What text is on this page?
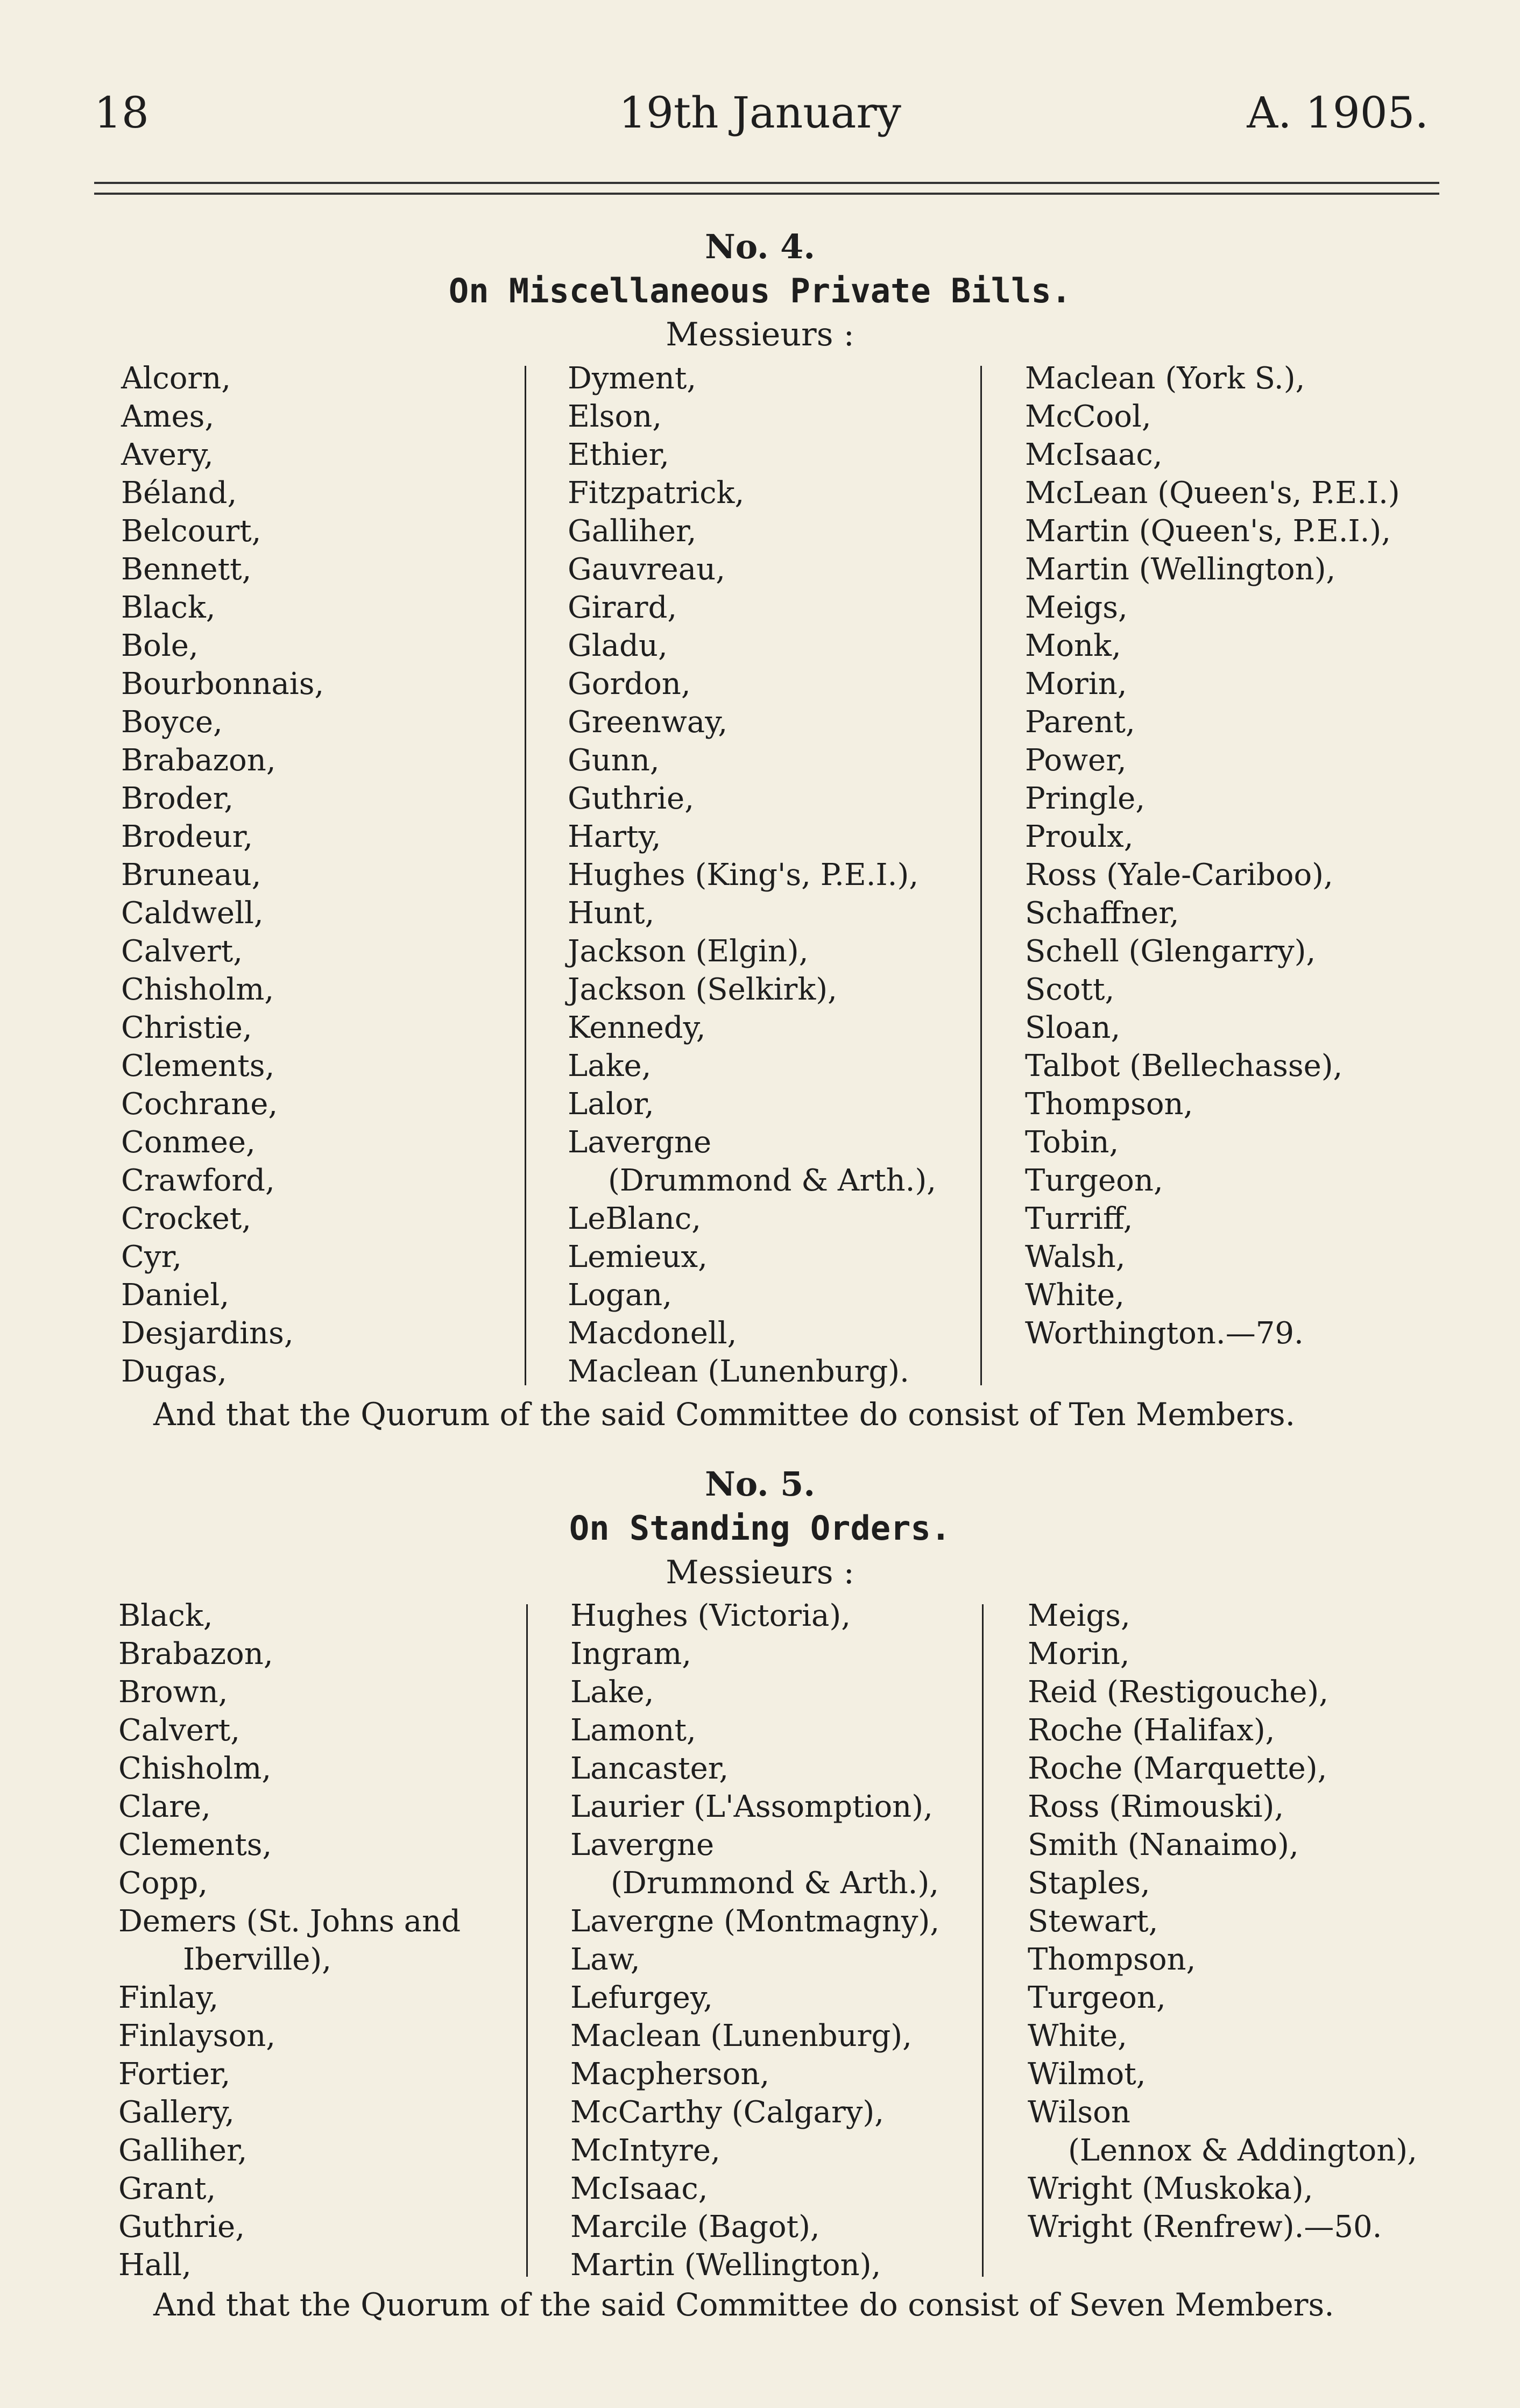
18	19th January	A. 1905.
No. 4.
On Miscellaneous Private Bills.
Messieurs :
Alcorn,
Ames,
Avery,
Béland,
Belcourt,
Bennett,
Black,
Bole,
Bourbonnais,
Boyce,
Brabazon,
Broder,
Brodeur,
Bruneau,
Caldwell,
Calvert,
Chisholm,
Christie,
Clements,
Cochrane,
Conmee,
Crawford,
Crocket,
Cyr,
Daniel,
Desjardins,
Dugas,
Dyment,
Elson,
Ethier,
Fitzpatrick,
Galliher,
Gauvreau,
Girard,
Gladu,
Gordon,
Greenway,
Gunn,
Guthrie,
Harty,
Hughes (King's, P.E.I.),
Hunt,
Jackson (Elgin),
Jackson (Selkirk),
Kennedy,
Lake,
Lalor,
Lavergne
(Drummond & Arth.),
LeBlanc,
Lemieux,
Logan,
Macdonell,
Maclean (Lunenburg).
Maclean (York S.),
McCool,
McIsaac,
McLean (Queen's, P.E.I.)
Martin (Queen's, P.E.I.),
Martin (Wellington),
Meigs,
Monk,
Morin,
Parent,
Power,
Pringle,
Proulx,
Ross (Yale-Cariboo),
Schaffner,
Schell (Glengarry),
Scott,
Sloan,
Talbot (Bellechasse),
Thompson,
Tobin,
Turgeon,
Turriff,
Walsh,
White,
Worthington.—79.
And that the Quorum of the said Committee do consist of Ten Members.
No. 5.
On Standing Orders.
Messieurs :
Black,
Brabazon,
Brown,
Calvert,
Chisholm,
Clare,
Clements,
Copp,
Demers (St. Johns and
Iberville),
Finlay,
Finlayson,
Fortier,
Gallery,
Galliher,
Grant,
Guthrie,
Hall,
Hughes (Victoria),
Ingram,
Lake,
Lamont,
Lancaster,
Laurier (L'Assomption),
Lavergne
(Drummond & Arth.),
Lavergne (Montmagny),
Law,
Lefurgey,
Maclean (Lunenburg),
Macpherson,
McCarthy (Calgary),
McIntyre,
McIsaac,
Marcile (Bagot),
Martin (Wellington),
Meigs,
Morin,
Reid (Restigouche),
Roche (Halifax),
Roche (Marquette),
Ross (Rimouski),
Smith (Nanaimo),
Staples,
Stewart,
Thompson,
Turgeon,
White,
Wilmot,
Wilson
(Lennox & Addington),
Wright (Muskoka),
Wright (Renfrew).—50.
And that the Quorum of the said Committee do consist of Seven Members.
